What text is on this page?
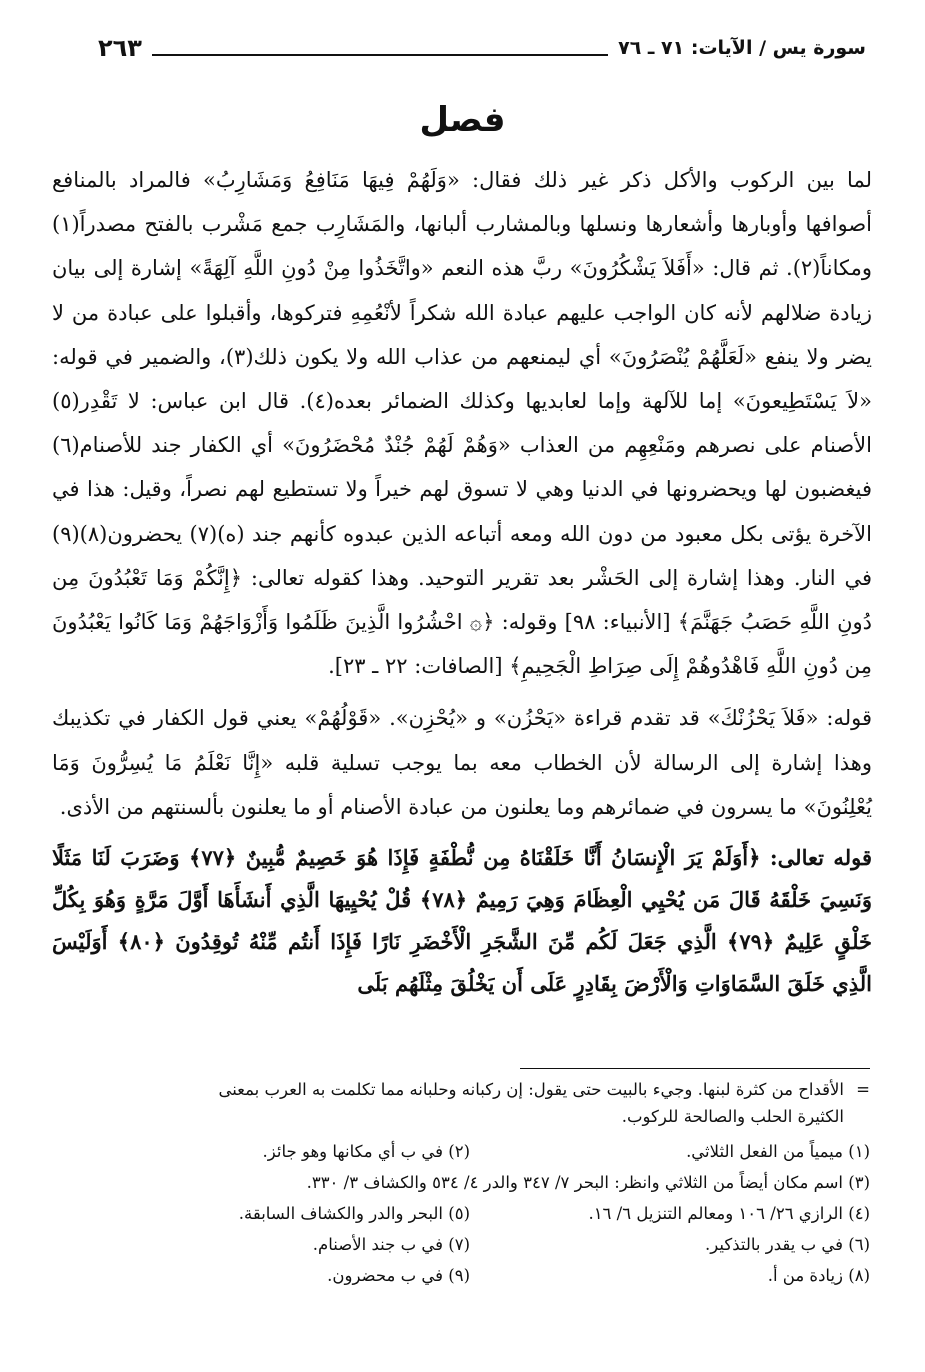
سورة يس / الآيات: ٧١ ـ ٧٦
٢٦٣
فصل

لما بين الركوب والأكل ذكر غير ذلك فقال: «وَلَهُمْ فِيهَا مَنَافِعُ وَمَشَارِبُ» فالمراد بالمنافع أصوافها وأوبارها وأشعارها ونسلها وبالمشارب ألبانها، والمَشَارِب جمع مَشْرب بالفتح مصدراً(١) ومكاناً(٢). ثم قال: «أَفَلاَ يَشْكُرُونَ» ربَّ هذه النعم «واتَّخَذُوا مِنْ دُونِ اللَّهِ آلِهَةً» إشارة إلى بيان زيادة ضلالهم لأنه كان الواجب عليهم عبادة الله شكراً لأنْعُمِهِ فتركوها، وأقبلوا على عبادة من لا يضر ولا ينفع «لَعَلَّهُمْ يُنْصَرُونَ» أي ليمنعهم من عذاب الله ولا يكون ذلك(٣)، والضمير في قوله: «لاَ يَسْتَطِيعونَ» إما للآلهة وإما لعابديها وكذلك الضمائر بعده(٤). قال ابن عباس: لا تَقْدِر(٥) الأصنام على نصرهم ومَنْعِهِم من العذاب «وَهُمْ لَهُمْ جُنْدٌ مُحْضَرُونَ» أي الكفار جند للأصنام(٦) فيغضبون لها ويحضرونها في الدنيا وهي لا تسوق لهم خيراً ولا تستطيع لهم نصراً، وقيل: هذا في الآخرة يؤتى بكل معبود من دون الله ومعه أتباعه الذين عبدوه كأنهم جند (ه)(٧) يحضرون(٨)(٩) في النار. وهذا إشارة إلى الحَشْر بعد تقرير التوحيد. وهذا كقوله تعالى: ﴿إِنَّكُمْ وَمَا تَعْبُدُونَ مِن دُونِ اللَّهِ حَصَبُ جَهَنَّمَ﴾ [الأنبياء: ٩٨] وقوله: ﴿۞ احْشُرُوا الَّذِينَ ظَلَمُوا وَأَزْوَاجَهُمْ وَمَا كَانُوا يَعْبُدُونَ مِن دُونِ اللَّهِ فَاهْدُوهُمْ إِلَى صِرَاطِ الْجَحِيمِ﴾ [الصافات: ٢٢ ـ ٢٣].

قوله: «فَلاَ يَحْزُنْكَ» قد تقدم قراءة «يَحْزُن» و «يُحْزِن». «قَوْلُهُمْ» يعني قول الكفار في تكذيبك وهذا إشارة إلى الرسالة لأن الخطاب معه بما يوجب تسلية قلبه «إِنَّا نَعْلَمُ مَا يُسِرُّونَ وَمَا يُعْلِنُونَ» ما يسرون في ضمائرهم وما يعلنون من عبادة الأصنام أو ما يعلنون بألسنتهم من الأذى.

قوله تعالى: ﴿أَوَلَمْ يَرَ الْإِنسَانُ أَنَّا خَلَقْنَاهُ مِن نُّطْفَةٍ فَإِذَا هُوَ خَصِيمٌ مُّبِينٌ ﴿٧٧﴾ وَضَرَبَ لَنَا مَثَلًا وَنَسِيَ خَلْقَهُ قَالَ مَن يُحْيِي الْعِظَامَ وَهِيَ رَمِيمٌ ﴿٧٨﴾ قُلْ يُحْيِيهَا الَّذِي أَنشَأَهَا أَوَّلَ مَرَّةٍ وَهُوَ بِكُلِّ خَلْقٍ عَلِيمٌ ﴿٧٩﴾ الَّذِي جَعَلَ لَكُم مِّنَ الشَّجَرِ الْأَخْضَرِ نَارًا فَإِذَا أَنتُم مِّنْهُ تُوقِدُونَ ﴿٨٠﴾ أَوَلَيْسَ الَّذِي خَلَقَ السَّمَاوَاتِ وَالْأَرْضَ بِقَادِرٍ عَلَى أَن يَخْلُقَ مِثْلَهُم بَلَى

=الأقداح من كثرة لبنها. وجيء بالبيت حتى يقول: إن ركبانه وحلبانه مما تكلمت به العرب بمعنى
الكثيرة الحلب والصالحة للركوب.
(١) ميمياً من الفعل الثلاثي.
(٢) في ب أي مكانها وهو جائز.
(٣) اسم مكان أيضاً من الثلاثي وانظر: البحر ٧/ ٣٤٧ والدر ٤/ ٥٣٤ والكشاف ٣/ ٣٣٠.
(٤) الرازي ٢٦/ ١٠٦ ومعالم التنزيل ٦/ ١٦.
(٥) البحر والدر والكشاف السابقة.
(٦) في ب يقدر بالتذكير.
(٧) في ب جند الأصنام.
(٨) زيادة من أ.
(٩) في ب محضرون.
